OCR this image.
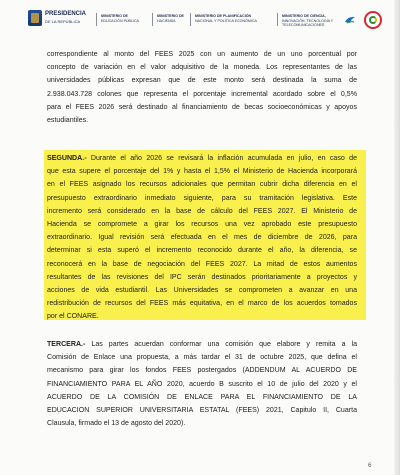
PRESIDENCIA
DE LA REPÚBLICA
MINISTERIO DE
EDUCACIÓN PÚBLICA
MINISTERIO DE
HACIENDA
MINISTERIO DE PLANIFICACIÓN
NACIONAL Y POLÍTICA ECONÓMICA
MINISTERIO DE CIENCIA,
INNOVACIÓN, TECNOLOGÍA Y TELECOMUNICACIONES
correspondiente al monto del FEES 2025 con un aumento de un uno porcentual por
concepto de variación en el valor adquisitivo de la moneda. Los representantes de las
universidades públicas expresan que de este monto será destinada la suma de
2.938.043.728 colones que representa el porcentaje incremental acordado sobre el 0,5%
para el FEES 2026 será destinado al financiamiento de becas socioeconómicas y apoyos
estudiantiles.
SEGUNDA.- Durante el año 2026 se revisará la inflación acumulada en julio, en caso de
que esta supere el porcentaje del 1% y hasta el 1,5% el Ministerio de Hacienda incorporará
en el FEES asignado los recursos adicionales que permitan cubrir dicha diferencia en el
presupuesto extraordinario inmediato siguiente, para su tramitación legislativa. Este
incremento será considerado en la base de cálculo del FEES 2027. El Ministerio de
Hacienda se compromete a girar los recursos una vez aprobado este presupuesto
extraordinario. Igual revisión será efectuada en el mes de diciembre de 2026, para
determinar si esta superó el incremento reconocido durante el año, la diferencia, se
reconocerá en la base de negociación del FEES 2027. La mitad de estos aumentos
resultantes de las revisiones del IPC serán destinados prioritariamente a proyectos y
acciones de vida estudiantil. Las Universidades se comprometen a avanzar en una
redistribución de recursos del FEES más equitativa, en el marco de los acuerdos tomados
por el CONARE.
TERCERA.- Las partes acuerdan conformar una comisión que elabore y remita a la
Comisión de Enlace una propuesta, a más tardar el 31 de octubre 2025, que defina el
mecanismo para girar los fondos FEES postergados (ADDENDUM AL ACUERDO DE
FINANCIAMIENTO PARA EL AÑO 2020, acuerdo B suscrito el 10 de julio del 2020 y el
ACUERDO DE LA COMISIÓN DE ENLACE PARA EL FINANCIAMIENTO DE LA
EDUCACION SUPERIOR UNIVERSITARIA ESTATAL (FEES) 2021, Capitulo II, Cuarta
Clausula, firmado el 13 de agosto del 2020).
6
